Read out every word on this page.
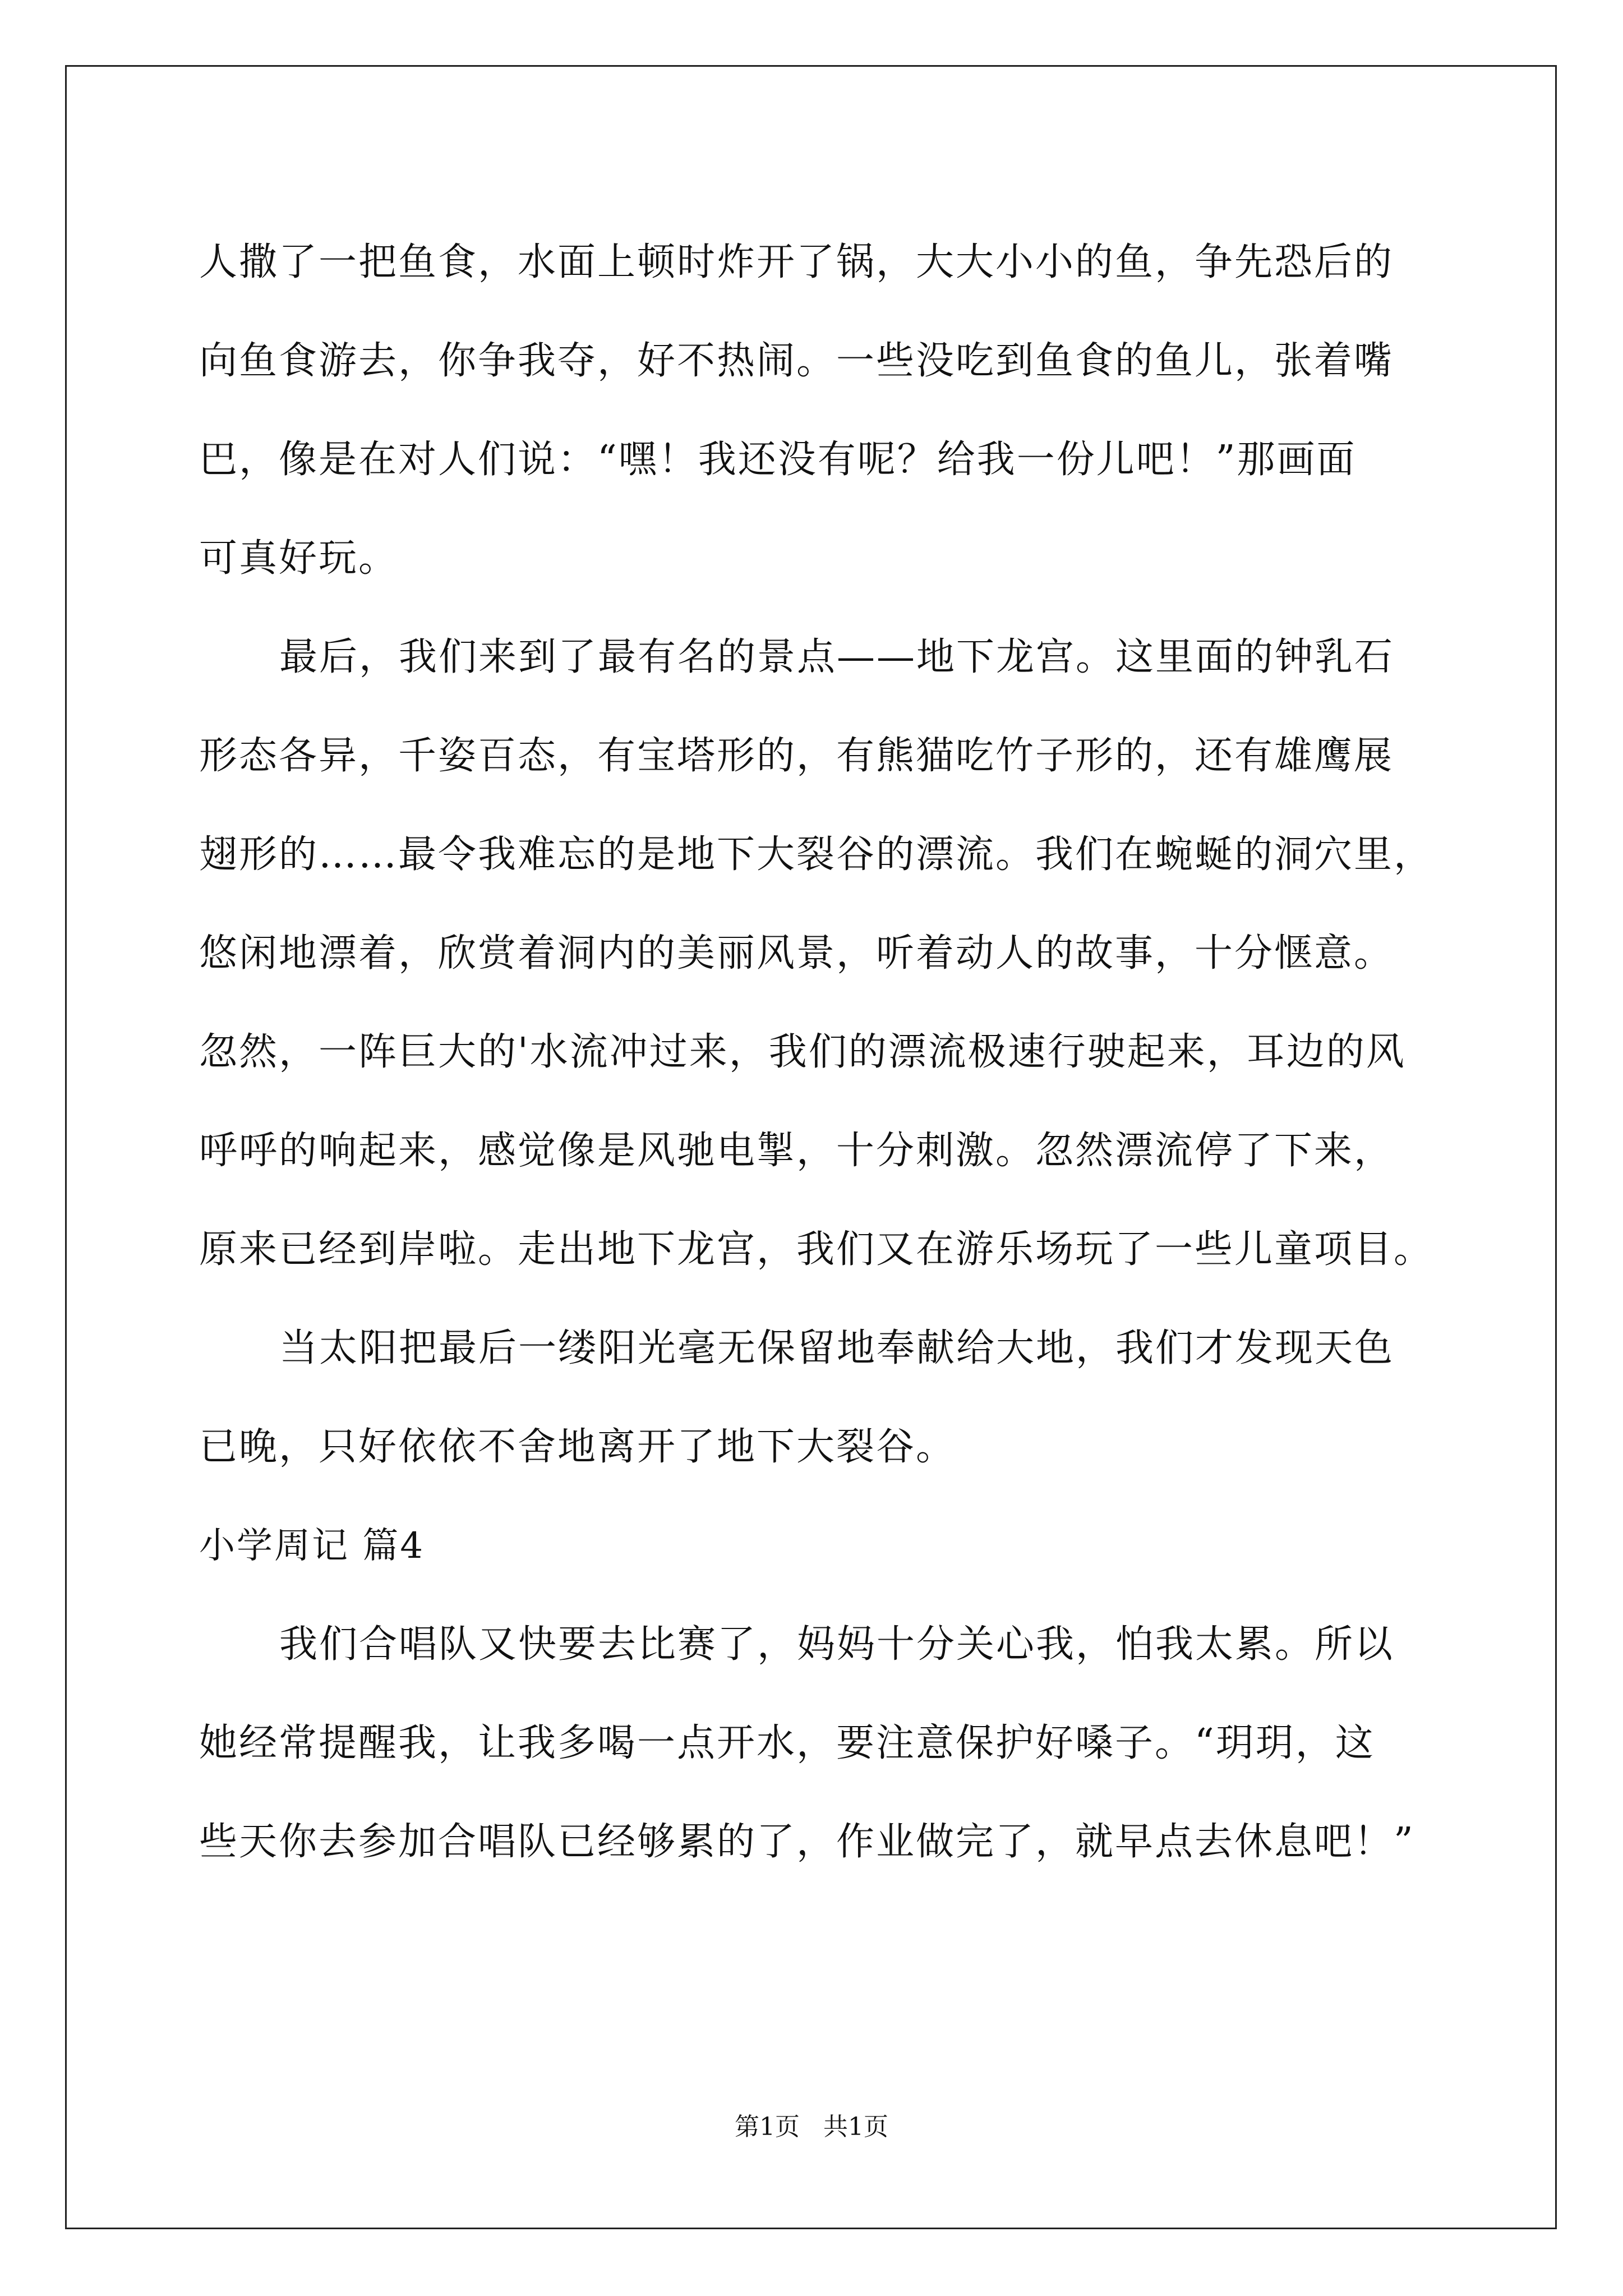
人撒了一把鱼食，水面上顿时炸开了锅，大大小小的鱼，争先恐后的
向鱼食游去，你争我夺，好不热闹。一些没吃到鱼食的鱼儿，张着嘴
巴，像是在对人们说：“嘿！我还没有呢？给我一份儿吧！”那画面
可真好玩。
最后，我们来到了最有名的景点——地下龙宫。这里面的钟乳石
形态各异，千姿百态，有宝塔形的，有熊猫吃竹子形的，还有雄鹰展
翅形的……最令我难忘的是地下大裂谷的漂流。我们在蜿蜒的洞穴里，
悠闲地漂着，欣赏着洞内的美丽风景，听着动人的故事，十分惬意。
忽然，一阵巨大的'水流冲过来，我们的漂流极速行驶起来，耳边的风
呼呼的响起来，感觉像是风驰电掣，十分刺激。忽然漂流停了下来，
原来已经到岸啦。走出地下龙宫，我们又在游乐场玩了一些儿童项目。
当太阳把最后一缕阳光毫无保留地奉献给大地，我们才发现天色
已晚，只好依依不舍地离开了地下大裂谷。
小学周记 篇4
我们合唱队又快要去比赛了，妈妈十分关心我，怕我太累。所以
她经常提醒我，让我多喝一点开水，要注意保护好嗓子。“玥玥，这
些天你去参加合唱队已经够累的了，作业做完了，就早点去休息吧！”
第1页   共1页
